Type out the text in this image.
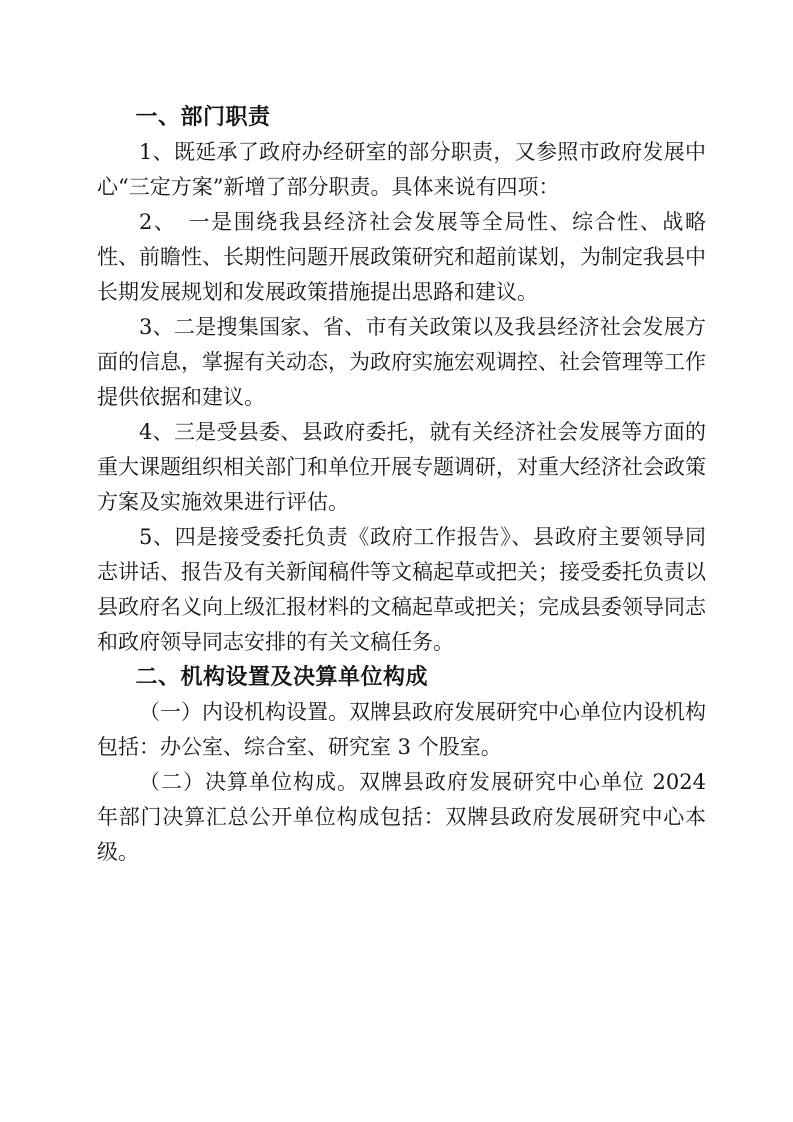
一、部门职责

1、既延承了政府办经研室的部分职责，又参照市政府发展中心“三定方案”新增了部分职责。具体来说有四项：

2、　一是围绕我县经济社会发展等全局性、综合性、战略性、前瞻性、长期性问题开展政策研究和超前谋划，为制定我县中长期发展规划和发展政策措施提出思路和建议。

3、二是搜集国家、省、市有关政策以及我县经济社会发展方面的信息，掌握有关动态，为政府实施宏观调控、社会管理等工作提供依据和建议。

4、三是受县委、县政府委托，就有关经济社会发展等方面的重大课题组织相关部门和单位开展专题调研，对重大经济社会政策方案及实施效果进行评估。

5、四是接受委托负责《政府工作报告》、县政府主要领导同志讲话、报告及有关新闻稿件等文稿起草或把关；接受委托负责以县政府名义向上级汇报材料的文稿起草或把关；完成县委领导同志和政府领导同志安排的有关文稿任务。

二、机构设置及决算单位构成

（一）内设机构设置。双牌县政府发展研究中心单位内设机构包括：办公室、综合室、研究室 3 个股室。

（二）决算单位构成。双牌县政府发展研究中心单位 2024 年部门决算汇总公开单位构成包括：双牌县政府发展研究中心本级。
